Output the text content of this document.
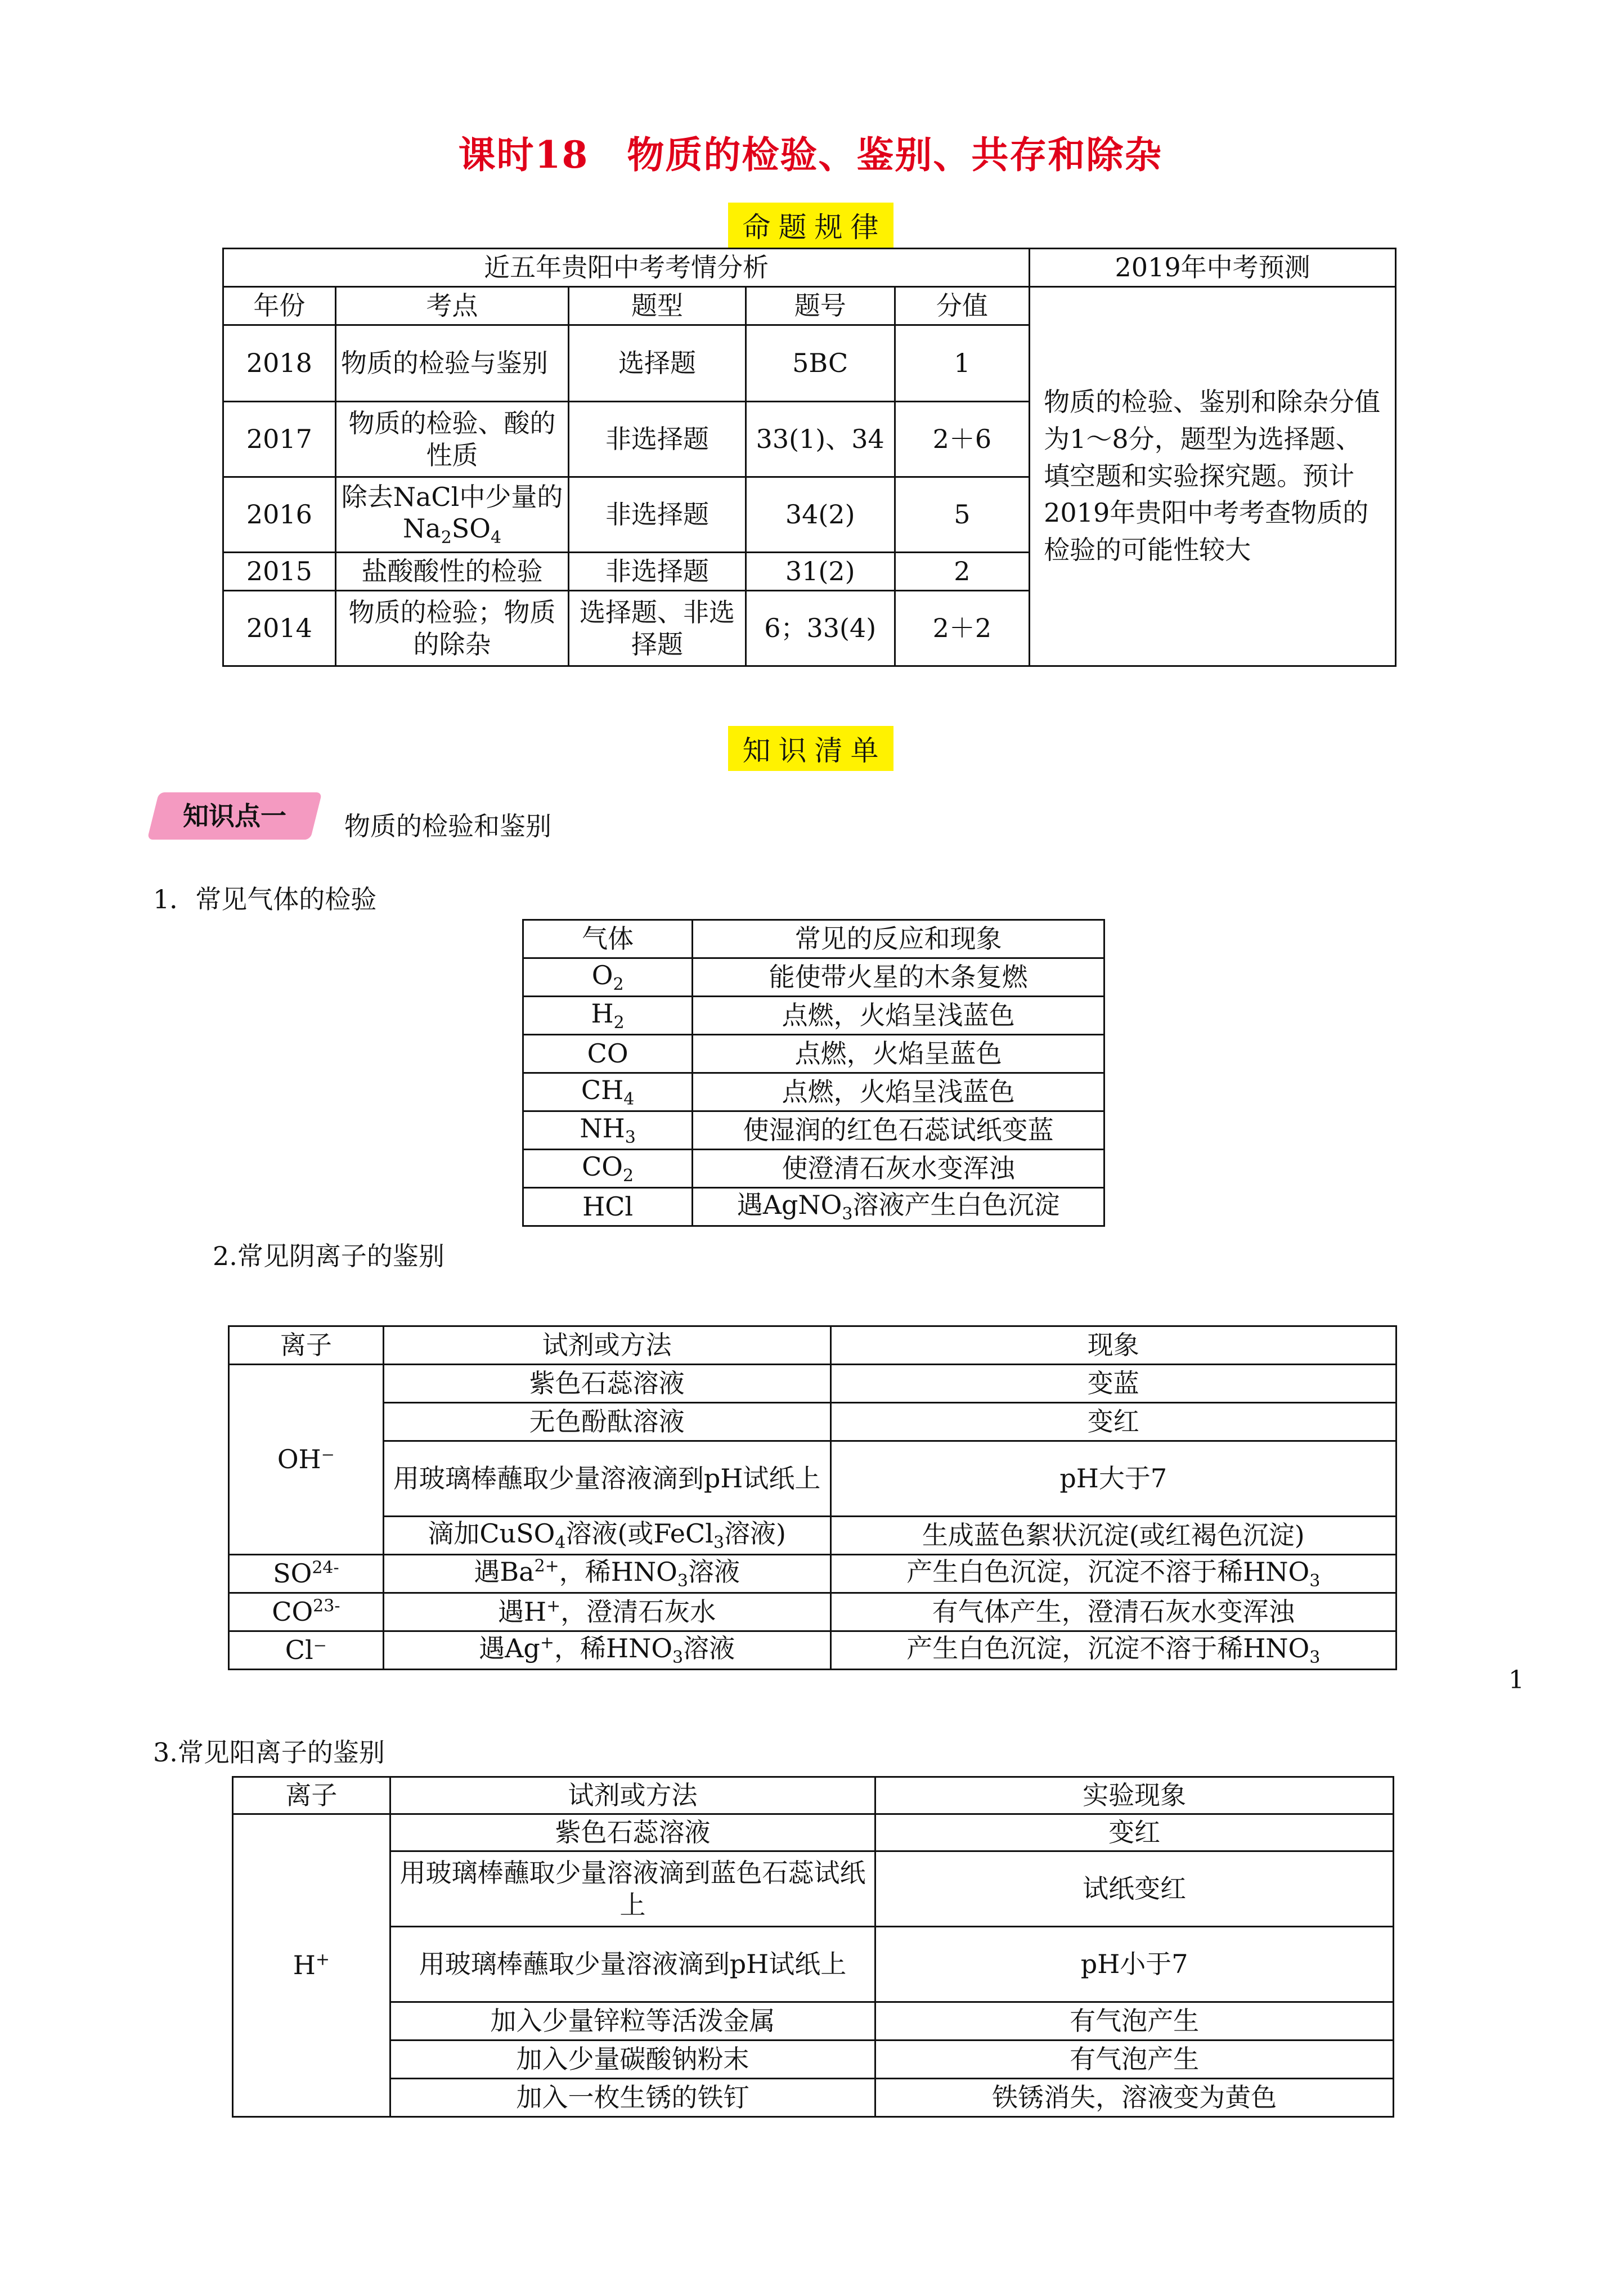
课时18　物质的检验、鉴别、共存和除杂
命题规律
近五年贵阳中考考情分析					2019年中考预测
年份	考点	题型	题号	分值	物质的检验、鉴别和除杂分值为1～8分，题型为选择题、填空题和实验探究题。预计2019年贵阳中考考查物质的检验的可能性较大
2018	物质的检验与鉴别	选择题	5BC	1	
2017	物质的检验、酸的性质	非选择题	33(1)、34	2＋6	
2016	除去NaCl中少量的$Na_2SO_4$	非选择题	34(2)	5	
2015	盐酸酸性的检验	非选择题	31(2)	2	
2014	物质的检验；物质的除杂	选择题、非选择题	6；33(4)	2＋2	
知识清单
知识点一	物质的检验和鉴别
1．常见气体的检验
气体	常见的反应和现象
$O_2$	能使带火星的木条复燃
$H_2$	点燃，火焰呈浅蓝色
CO	点燃，火焰呈蓝色
$CH_4$	点燃，火焰呈浅蓝色
$NH_3$	使湿润的红色石蕊试纸变蓝
$CO_2$	使澄清石灰水变浑浊
HCl	遇AgNO$_3$溶液产生白色沉淀
2.常见阴离子的鉴别
离子	试剂或方法	现象
OH⁻	紫色石蕊溶液	变蓝
	无色酚酞溶液	变红
	用玻璃棒蘸取少量溶液滴到pH试纸上	pH大于7
	滴加CuSO$_4$溶液(或FeCl$_3$溶液)	生成蓝色絮状沉淀(或红褐色沉淀)
$SO^{24-}$	遇$Ba^{2+}$，稀$HNO_3$溶液	产生白色沉淀，沉淀不溶于稀$HNO_3$
$CO^{23-}$	遇H+，澄清石灰水	有气体产生，澄清石灰水变浑浊
Cl⁻	遇Ag+，稀$HNO_3$溶液	产生白色沉淀，沉淀不溶于稀$HNO_3$
3.常见阳离子的鉴别
离子	试剂或方法	实验现象
H+	紫色石蕊溶液	变红
	用玻璃棒蘸取少量溶液滴到蓝色石蕊试纸上	试纸变红
	用玻璃棒蘸取少量溶液滴到pH试纸上	pH小于7
	加入少量锌粒等活泼金属	有气泡产生
	加入少量碳酸钠粉末	有气泡产生
	加入一枚生锈的铁钉	铁锈消失，溶液变为黄色
1
